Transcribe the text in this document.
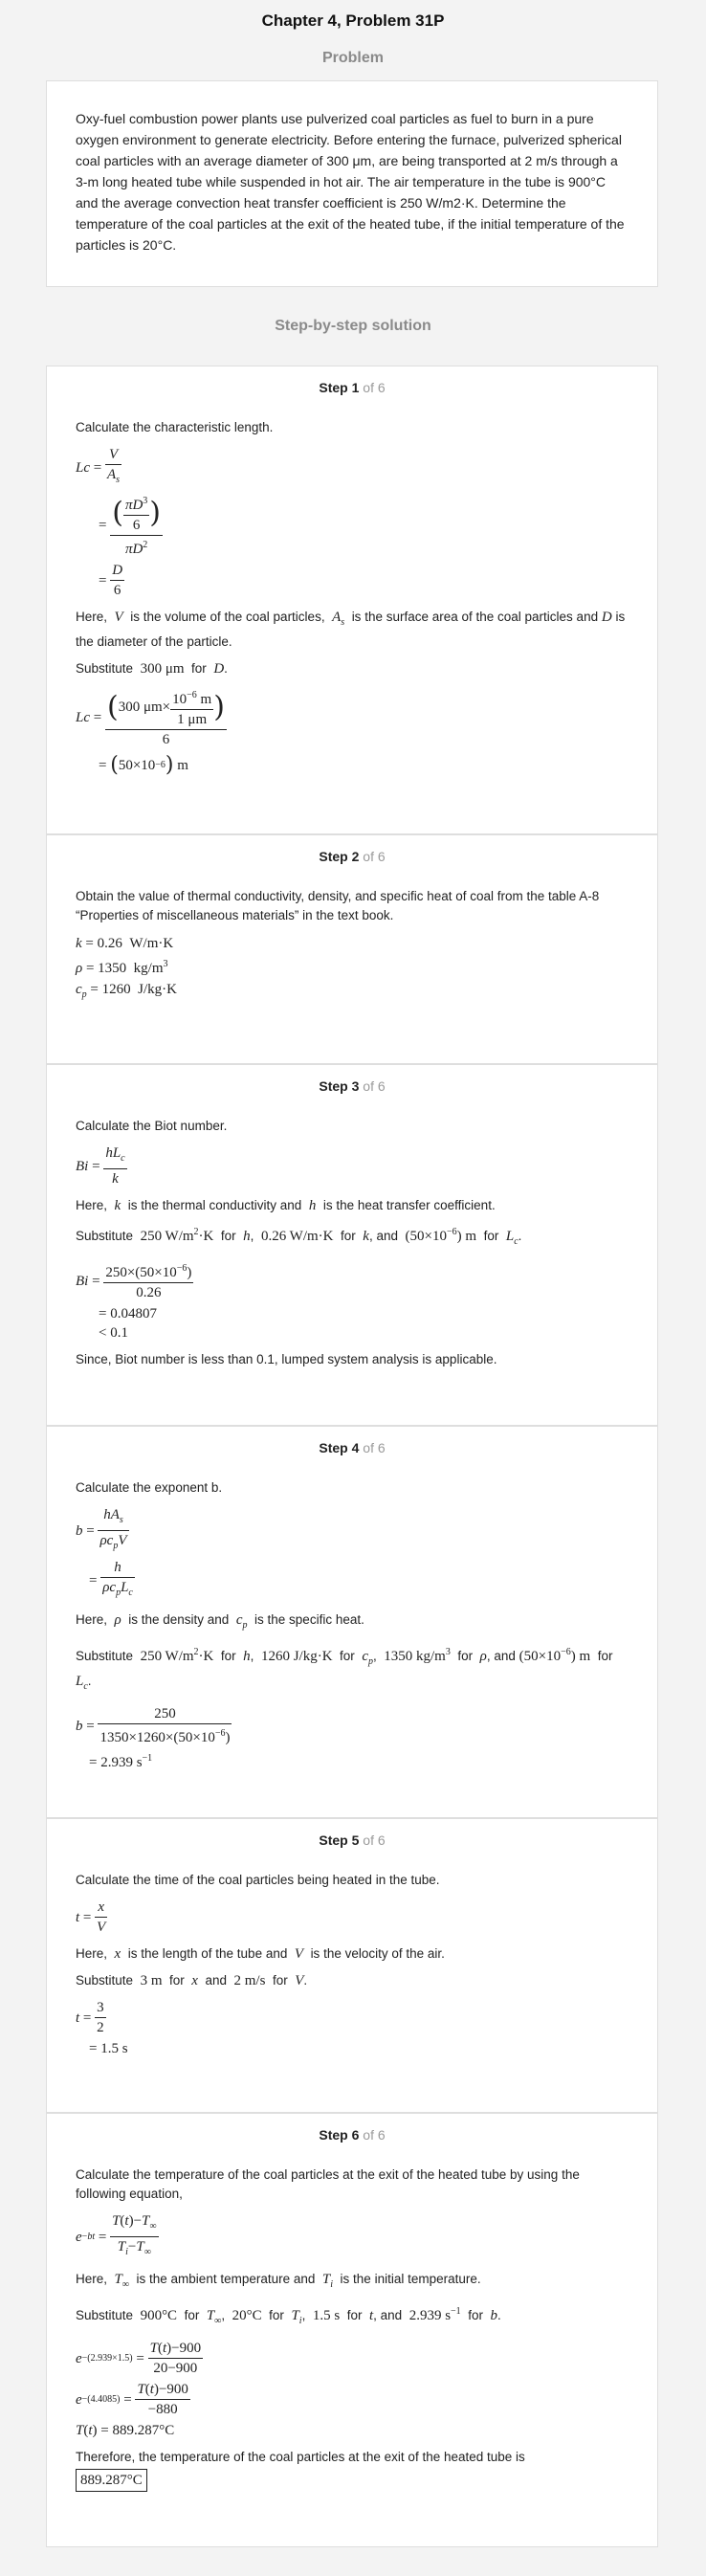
Chapter 4, Problem 31P
Problem
Oxy-fuel combustion power plants use pulverized coal particles as fuel to burn in a pure oxygen environment to generate electricity. Before entering the furnace, pulverized spherical coal particles with an average diameter of 300 μm, are being transported at 2 m/s through a 3-m long heated tube while suspended in hot air. The air temperature in the tube is 900°C and the average convection heat transfer coefficient is 250 W/m2·K. Determine the temperature of the coal particles at the exit of the heated tube, if the initial temperature of the particles is 20°C.
Step-by-step solution
Step 1 of 6

Calculate the characteristic length.

L $c = \frac{V}{A_s}$
= $\frac{( \frac{\pi D^3}{6} )}{\pi D^2}$
= $\frac{D}{6}$

Here, V is the volume of the coal particles, $A_s$ is the surface area of the coal particles and D is the diameter of the particle.

Substitute 300 μm for D.

L $c = \frac{(300 \mu m\times \frac{10^{-6} m}{1 \mu m} )}{6}$
= ( 50×10 −6 ) m
Step 2 of 6

Obtain the value of thermal conductivity, density, and specific heat of coal from the table A-8 “Properties of miscellaneous materials” in the text book.

k = 0.26  W/m·K
ρ = 1350  $kg/m^3$
$c_p = 1260$  J/kg·K
Step 3 of 6

Calculate the Biot number.

$Bi = \frac{hL_c}{k}$

Here, k is the thermal conductivity and h is the heat transfer coefficient.

Substitute 250 $W/m^2\cdot K$ for h,  0.26 W/m·K for k, and $(50\times 10^{-6})$ m for $L_c$.

$Bi = \frac{250\times(50\times 10^{-6})}{0.26}$
= 0.04807
< 0.1

Since, Biot number is less than 0.1, lumped system analysis is applicable.

Step 4 of 6

Calculate the exponent b.

$b = \frac{hA_s}{\rho c_pV}$
= $\frac{h}{\rho c_pL_c}$

Here, ρ is the density and $c_p$ is the specific heat.

Substitute 250 $W/m^2\cdot K$ for h,  1260 J/kg·K for $c_p$,  1350 $kg/m^3$ for ρ, and $(50\times 10^{-6})$ m for  $L_c$.

$b = \frac{250}{1350\times 1260\times(50\times 10^{-6})}$
= 2.939 $s^{-1}$
Step 5 of 6

Calculate the time of the coal particles being heated in the tube.

$t = \frac{x}{V}$

Here, x is the length of the tube and V is the velocity of the air.

Substitute 3 m for x and 2 m/s for V.

$t = \frac{3}{2}$
= 1.5 s
Step 6 of 6

Calculate the temperature of the coal particles at the exit of the heated tube by using the following equation,

$e -bt = \frac{T(t)-T_\infty}{T_i-T_\infty}$

Here, $T_\infty$ is the ambient temperature and $T_i$ is the initial temperature.

Substitute 900°C for $T_\infty$,  20°C for $T_i$,  1.5 s for t, and 2.939 $s^{-1}$ for b.

$e -(2.939\times 1.5) = \frac{T(t)-900}{20-900}$
$e -(4.4085) = \frac{T(t)-900}{-880}$
T(t) = 889.287°C

Therefore, the temperature of the coal particles at the exit of the heated tube is

889.287°C
